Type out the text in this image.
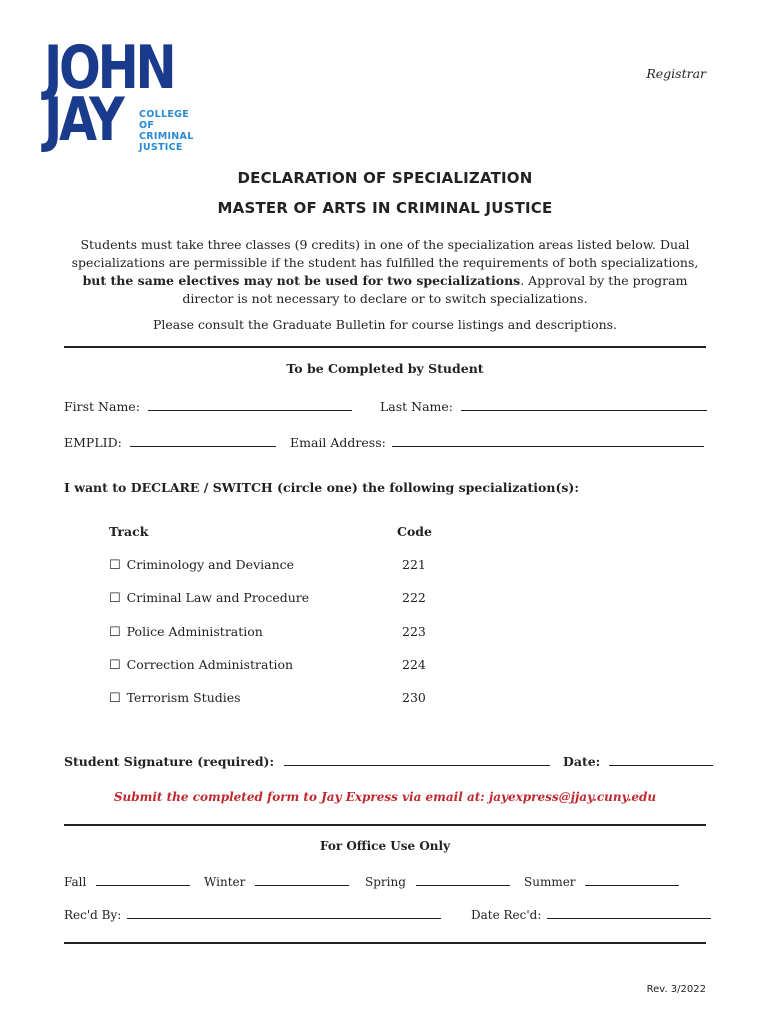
JOHN
JAY COLLEGE
OF
CRIMINAL
JUSTICE
Registrar
DECLARATION OF SPECIALIZATION
MASTER OF ARTS IN CRIMINAL JUSTICE
Students must take three classes (9 credits) in one of the specialization areas listed below. Dual specializations are permissible if the student has fulfilled the requirements of both specializations, but the same electives may not be used for two specializations. Approval by the program director is not necessary to declare or to switch specializations.
Please consult the Graduate Bulletin for course listings and descriptions.
To be Completed by Student
First Name:	Last Name:
EMPLID:	Email Address:
I want to DECLARE / SWITCH (circle one) the following specialization(s):
Track	Code
☐ Criminology and Deviance	221
☐ Criminal Law and Procedure	222
☐ Police Administration	223
☐ Correction Administration	224
☐ Terrorism Studies	230
Student Signature (required):	Date:
Submit the completed form to Jay Express via email at: jayexpress@jjay.cuny.edu
For Office Use Only
Fall	Winter	Spring	Summer
Rec'd By:	Date Rec'd:
Rev. 3/2022
